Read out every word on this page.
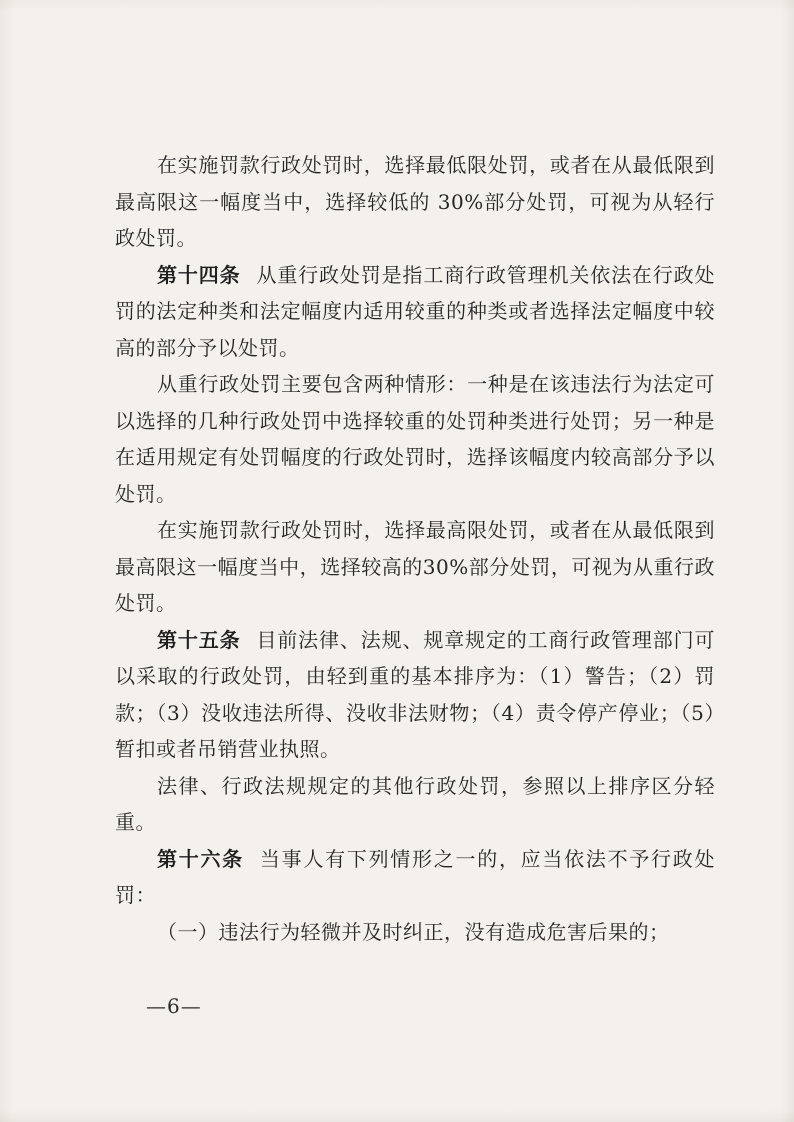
在实施罚款行政处罚时，选择最低限处罚，或者在从最低限到最高限这一幅度当中，选择较低的 30%部分处罚，可视为从轻行政处罚。

第十四条 从重行政处罚是指工商行政管理机关依法在行政处罚的法定种类和法定幅度内适用较重的种类或者选择法定幅度中较高的部分予以处罚。

从重行政处罚主要包含两种情形：一种是在该违法行为法定可以选择的几种行政处罚中选择较重的处罚种类进行处罚；另一种是在适用规定有处罚幅度的行政处罚时，选择该幅度内较高部分予以处罚。

在实施罚款行政处罚时，选择最高限处罚，或者在从最低限到最高限这一幅度当中，选择较高的30%部分处罚，可视为从重行政处罚。

第十五条 目前法律、法规、规章规定的工商行政管理部门可以采取的行政处罚，由轻到重的基本排序为：（1）警告；（2）罚款；（3）没收违法所得、没收非法财物；（4）责令停产停业；（5）暂扣或者吊销营业执照。

法律、行政法规规定的其他行政处罚，参照以上排序区分轻重。

第十六条 当事人有下列情形之一的，应当依法不予行政处罚：

（一）违法行为轻微并及时纠正，没有造成危害后果的；

—6—
